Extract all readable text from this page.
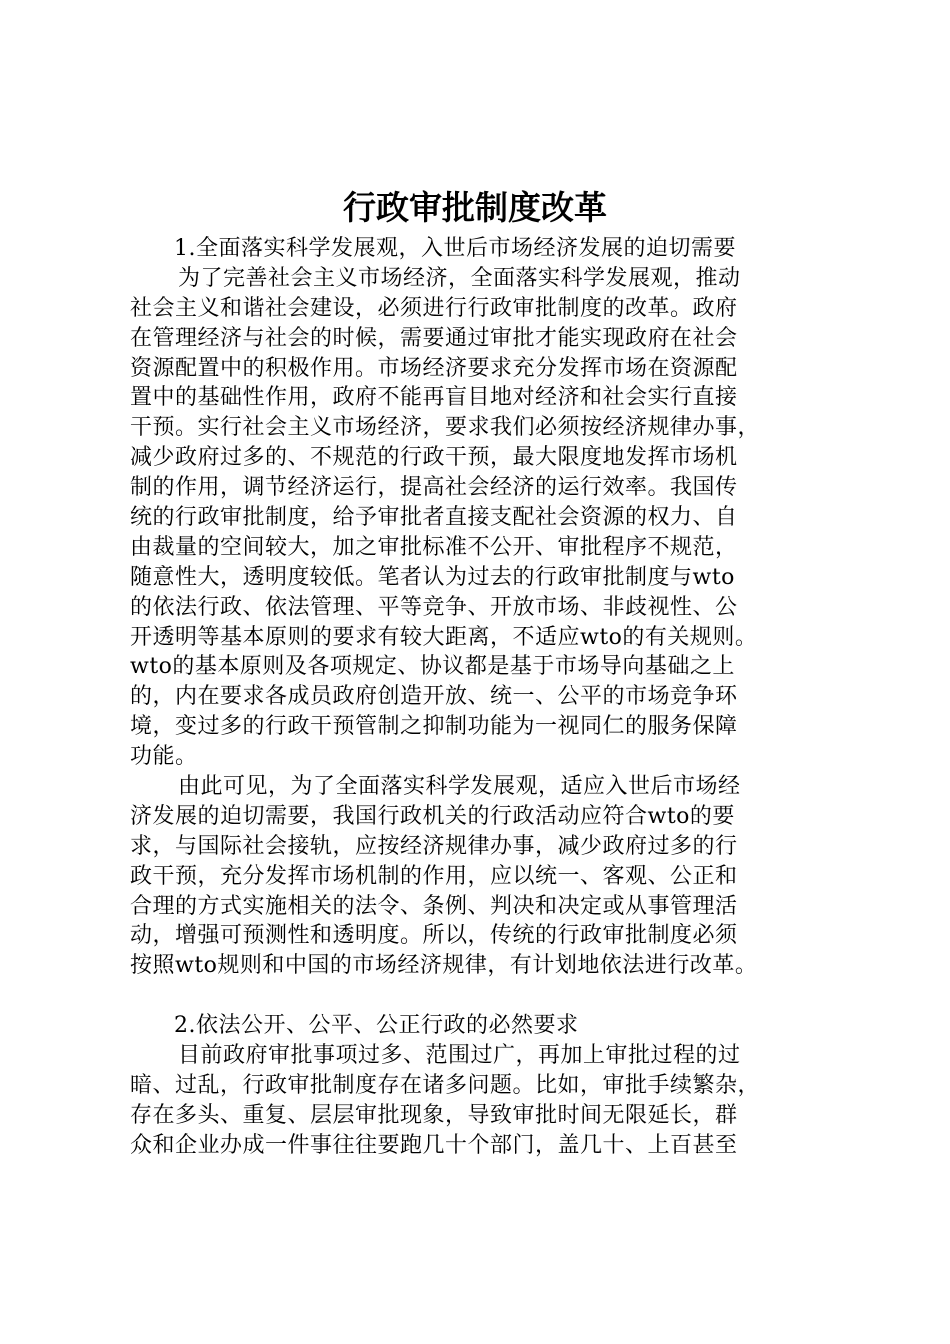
行政审批制度改革
1.全面落实科学发展观，入世后市场经济发展的迫切需要
为了完善社会主义市场经济，全面落实科学发展观，推动
社会主义和谐社会建设，必须进行行政审批制度的改革。政府
在管理经济与社会的时候，需要通过审批才能实现政府在社会
资源配置中的积极作用。市场经济要求充分发挥市场在资源配
置中的基础性作用，政府不能再盲目地对经济和社会实行直接
干预。实行社会主义市场经济，要求我们必须按经济规律办事，
减少政府过多的、不规范的行政干预，最大限度地发挥市场机
制的作用，调节经济运行，提高社会经济的运行效率。我国传
统的行政审批制度，给予审批者直接支配社会资源的权力、自
由裁量的空间较大，加之审批标准不公开、审批程序不规范，
随意性大，透明度较低。笔者认为过去的行政审批制度与wto
的依法行政、依法管理、平等竞争、开放市场、非歧视性、公
开透明等基本原则的要求有较大距离，不适应wto的有关规则。
wto的基本原则及各项规定、协议都是基于市场导向基础之上
的，内在要求各成员政府创造开放、统一、公平的市场竞争环
境，变过多的行政干预管制之抑制功能为一视同仁的服务保障
功能。
由此可见，为了全面落实科学发展观，适应入世后市场经
济发展的迫切需要，我国行政机关的行政活动应符合wto的要
求，与国际社会接轨，应按经济规律办事，减少政府过多的行
政干预，充分发挥市场机制的作用，应以统一、客观、公正和
合理的方式实施相关的法令、条例、判决和决定或从事管理活
动，增强可预测性和透明度。所以，传统的行政审批制度必须
按照wto规则和中国的市场经济规律，有计划地依法进行改革。
2.依法公开、公平、公正行政的必然要求
目前政府审批事项过多、范围过广，再加上审批过程的过
暗、过乱，行政审批制度存在诸多问题。比如，审批手续繁杂，
存在多头、重复、层层审批现象，导致审批时间无限延长，群
众和企业办成一件事往往要跑几十个部门，盖几十、上百甚至
